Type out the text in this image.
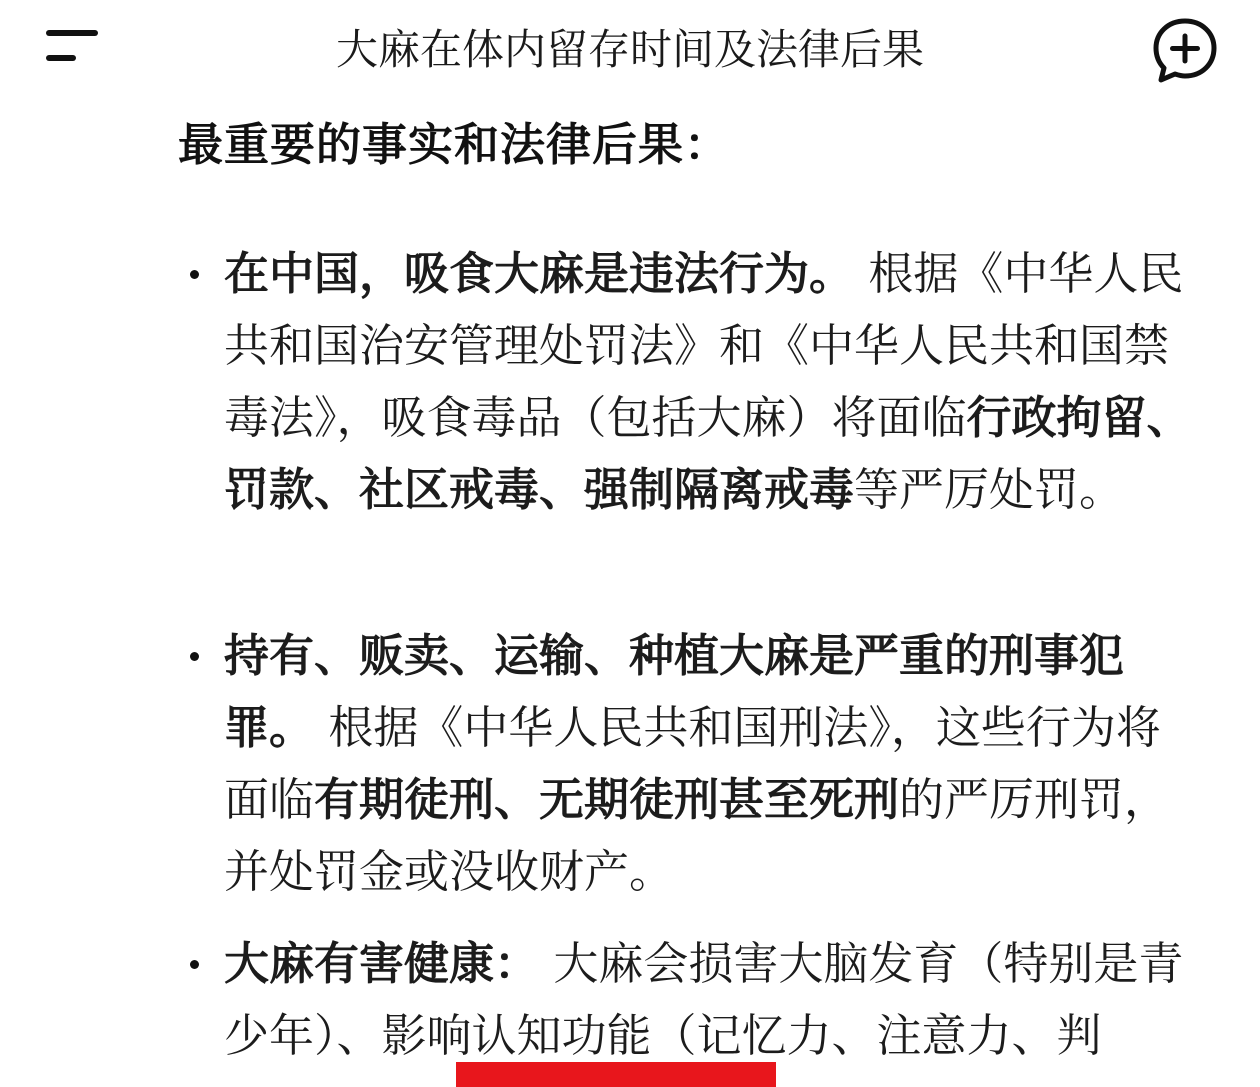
大麻在体内留存时间及法律后果
最重要的事实和法律后果：
在中国，吸食大麻是违法行为。 根据《中华人民共和国治安管理处罚法》和《中华人民共和国禁毒法》，吸食毒品（包括大麻）将面临行政拘留、罚款、社区戒毒、强制隔离戒毒等严厉处罚。
持有、贩卖、运输、种植大麻是严重的刑事犯罪。 根据《中华人民共和国刑法》，这些行为将面临有期徒刑、无期徒刑甚至死刑的严厉刑罚，并处罚金或没收财产。
大麻有害健康： 大麻会损害大脑发育（特别是青少年）、影响认知功能（记忆力、注意力、判
